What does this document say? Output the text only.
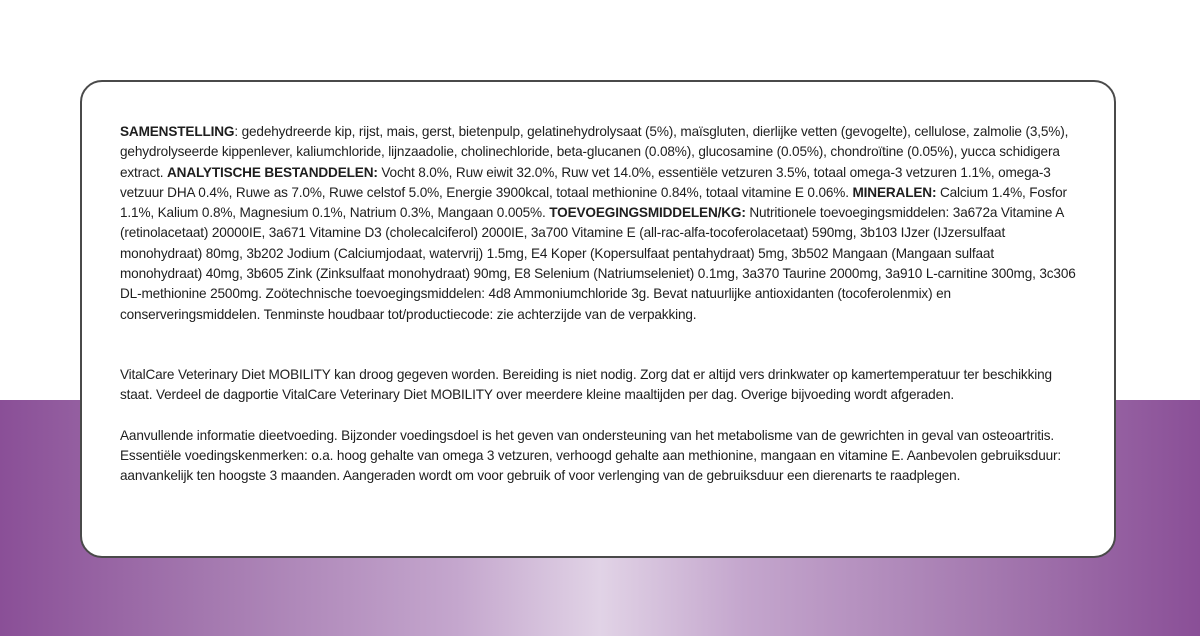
SAMENSTELLING: gedehydreerde kip, rijst, mais, gerst, bietenpulp, gelatinehydrolysaat (5%), maïsgluten, dierlijke vetten (gevogelte), cellulose, zalmolie (3,5%), gehydrolyseerde kippenlever, kaliumchloride, lijnzaadolie, cholinechloride, beta-glucanen (0.08%), glucosamine (0.05%), chondroïtine (0.05%), yucca schidigera extract. ANALYTISCHE BESTANDDELEN: Vocht 8.0%, Ruw eiwit 32.0%, Ruw vet 14.0%, essentiële vetzuren 3.5%, totaal omega-3 vetzuren 1.1%, omega-3 vetzuur DHA 0.4%, Ruwe as 7.0%, Ruwe celstof 5.0%, Energie 3900kcal, totaal methionine 0.84%, totaal vitamine E 0.06%. MINERALEN: Calcium 1.4%, Fosfor 1.1%, Kalium 0.8%, Magnesium 0.1%, Natrium 0.3%, Mangaan 0.005%. TOEVOEGINGSMIDDELEN/KG: Nutritionele toevoegingsmiddelen: 3a672a Vitamine A (retinolacetaat) 20000IE, 3a671 Vitamine D3 (cholecalciferol) 2000IE, 3a700 Vitamine E (all-rac-alfa-tocoferolacetaat) 590mg, 3b103 IJzer (IJzersulfaat monohydraat) 80mg, 3b202 Jodium (Calciumjodaat, watervrij) 1.5mg, E4 Koper (Kopersulfaat pentahydraat) 5mg, 3b502 Mangaan (Mangaan sulfaat monohydraat) 40mg, 3b605 Zink (Zinksulfaat monohydraat) 90mg, E8 Selenium (Natriumseleniet) 0.1mg, 3a370 Taurine 2000mg, 3a910 L-carnitine 300mg, 3c306 DL-methionine 2500mg. Zoötechnische toevoegingsmiddelen: 4d8 Ammoniumchloride 3g. Bevat natuurlijke antioxidanten (tocoferolenmix) en conserveringsmiddelen. Tenminste houdbaar tot/productiecode: zie achterzijde van de verpakking.

VitalCare Veterinary Diet MOBILITY kan droog gegeven worden. Bereiding is niet nodig. Zorg dat er altijd vers drinkwater op kamertemperatuur ter beschikking staat. Verdeel de dagportie VitalCare Veterinary Diet MOBILITY over meerdere kleine maaltijden per dag. Overige bijvoeding wordt afgeraden.

Aanvullende informatie dieetvoeding. Bijzonder voedingsdoel is het geven van ondersteuning van het metabolisme van de gewrichten in geval van osteoartritis. Essentiële voedingskenmerken: o.a. hoog gehalte van omega 3 vetzuren, verhoogd gehalte aan methionine, mangaan en vitamine E. Aanbevolen gebruiksduur: aanvankelijk ten hoogste 3 maanden. Aangeraden wordt om voor gebruik of voor verlenging van de gebruiksduur een dierenarts te raadplegen.
